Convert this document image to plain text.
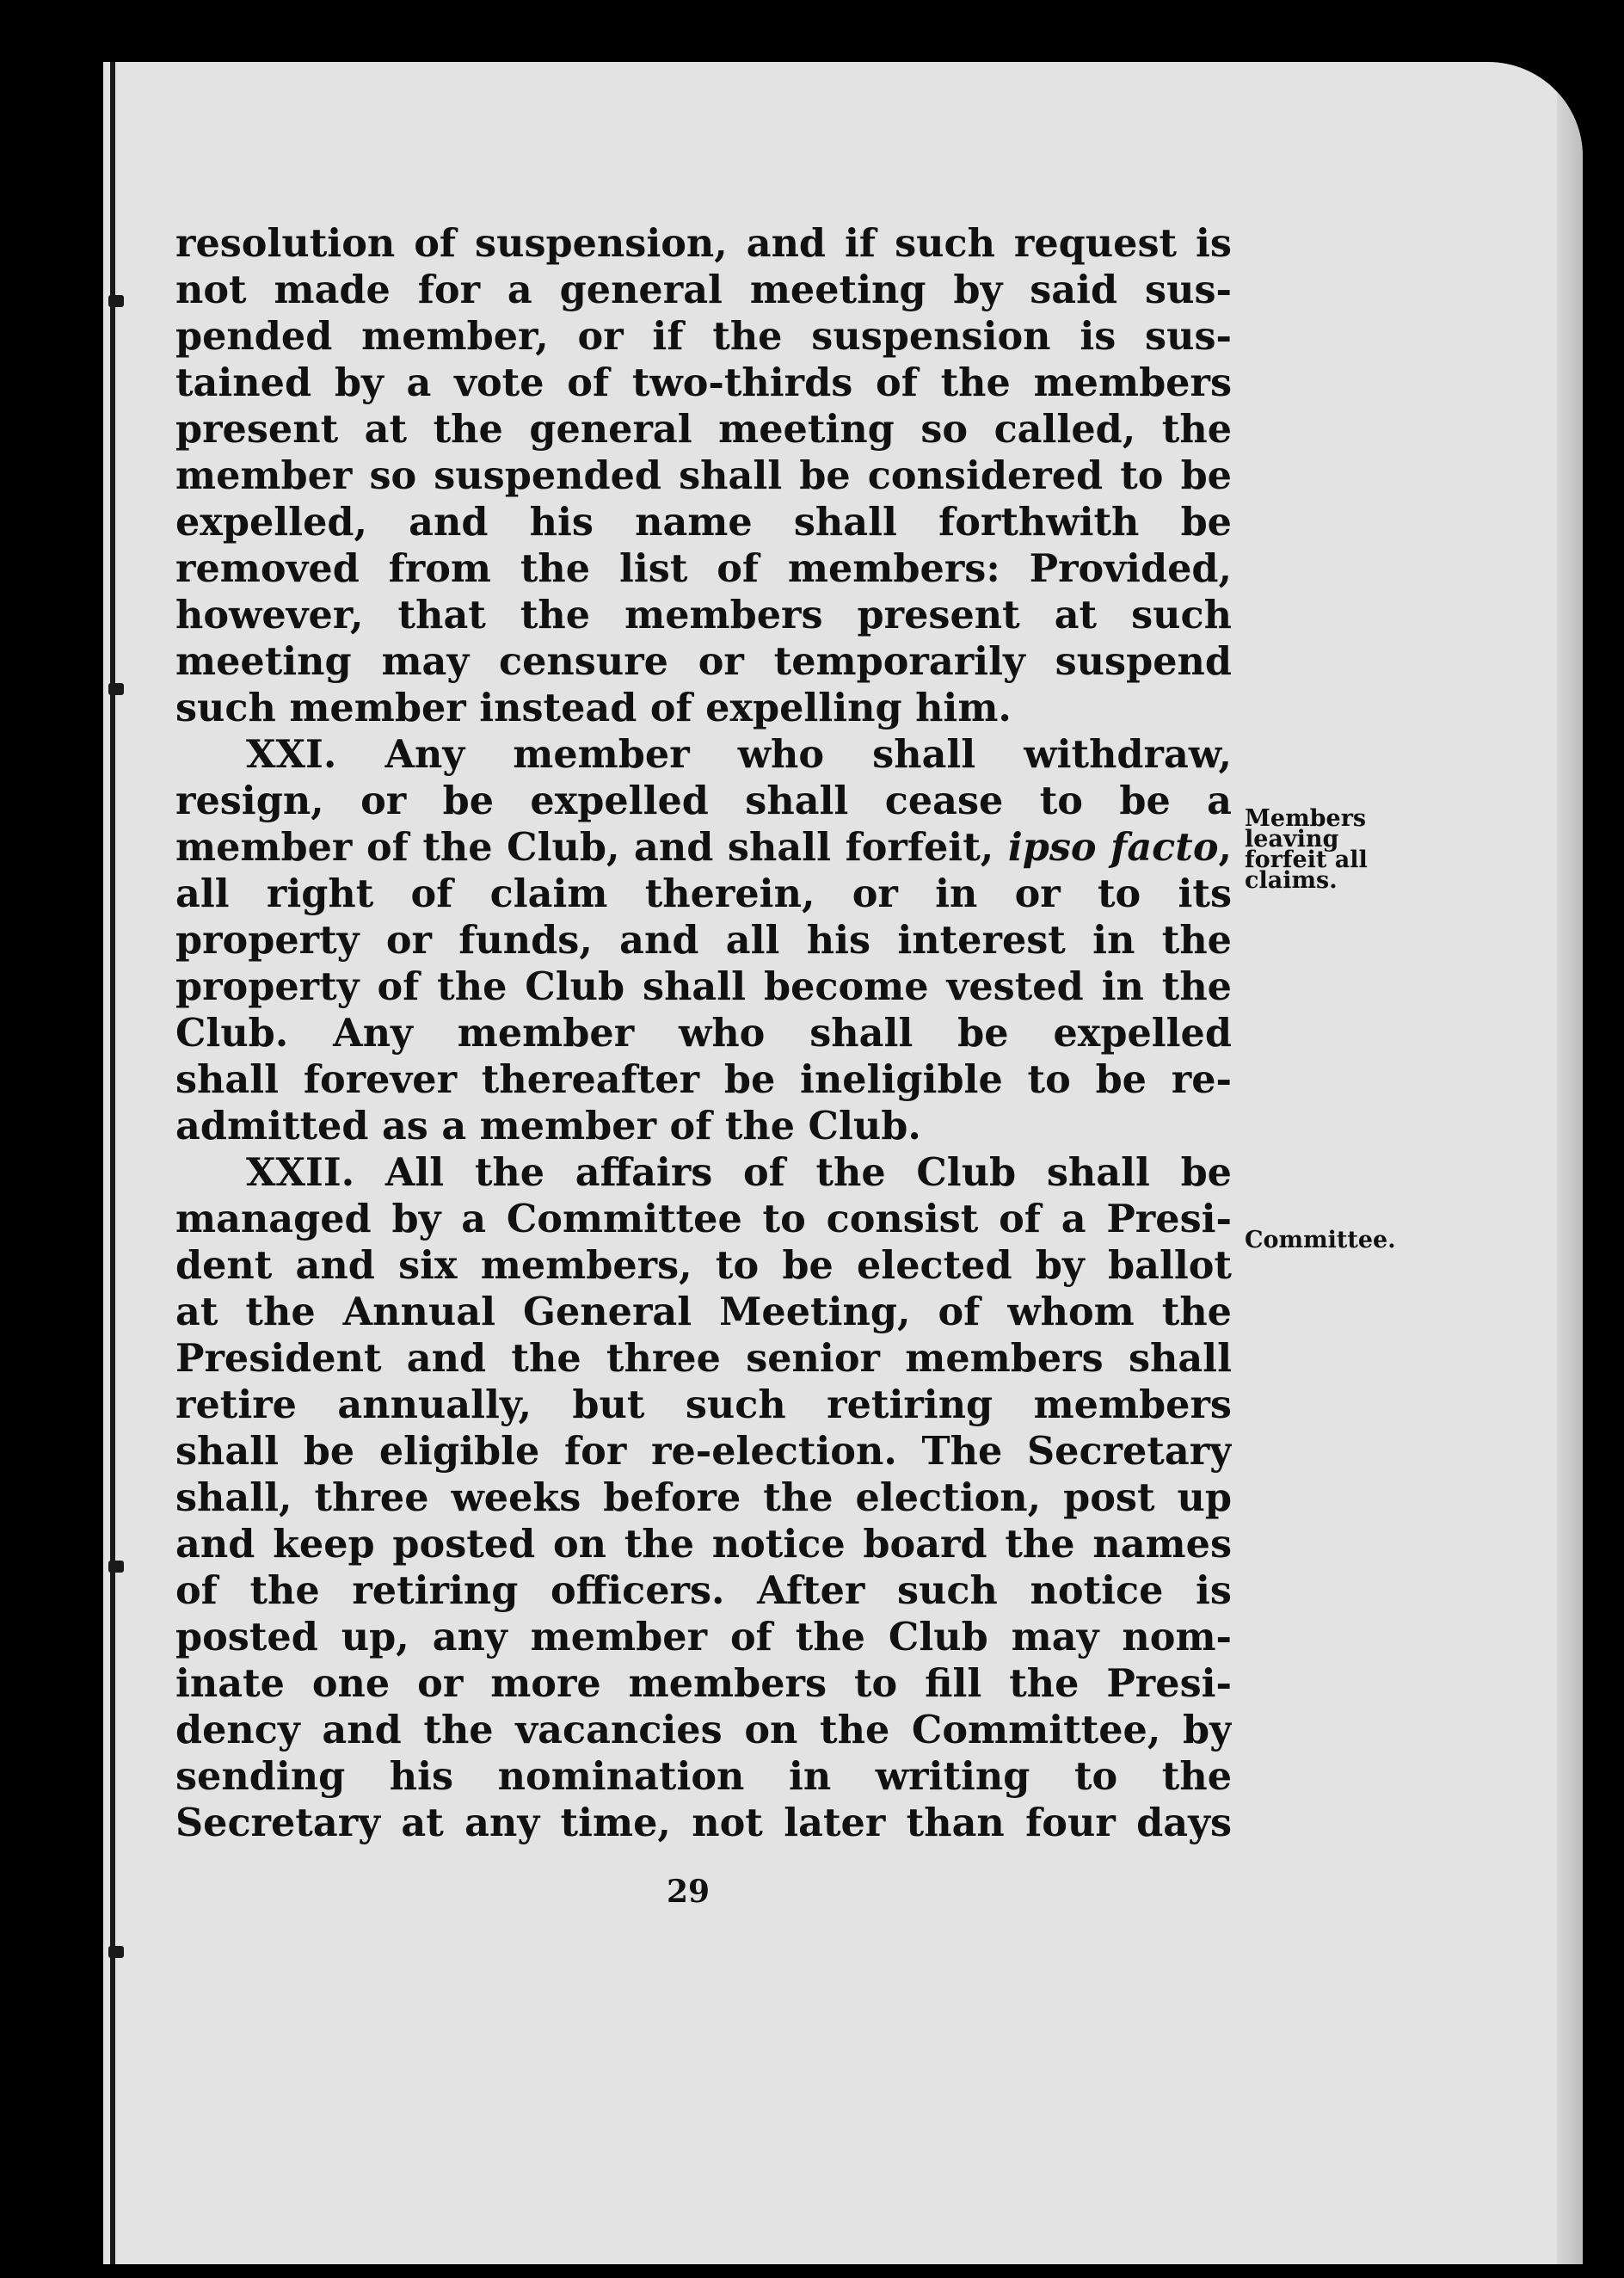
resolution of suspension, and if such request is
not made for a general meeting by said sus-
pended member, or if the suspension is sus-
tained by a vote of two-thirds of the members
present at the general meeting so called, the
member so suspended shall be considered to be
expelled, and his name shall forthwith be
removed from the list of members: Provided,
however, that the members present at such
meeting may censure or temporarily suspend
such member instead of expelling him.
XXI. Any member who shall withdraw,
resign, or be expelled shall cease to be a
member of the Club, and shall forfeit, ipso facto,
all right of claim therein, or in or to its
property or funds, and all his interest in the
property of the Club shall become vested in the
Club. Any member who shall be expelled
shall forever thereafter be ineligible to be re-
admitted as a member of the Club.
XXII. All the affairs of the Club shall be
managed by a Committee to consist of a Presi-
dent and six members, to be elected by ballot
at the Annual General Meeting, of whom the
President and the three senior members shall
retire annually, but such retiring members
shall be eligible for re-election. The Secretary
shall, three weeks before the election, post up
and keep posted on the notice board the names
of the retiring officers. After such notice is
posted up, any member of the Club may nom-
inate one or more members to fill the Presi-
dency and the vacancies on the Committee, by
sending his nomination in writing to the
Secretary at any time, not later than four days
Members
leaving
forfeit all
claims.
Committee.
29
